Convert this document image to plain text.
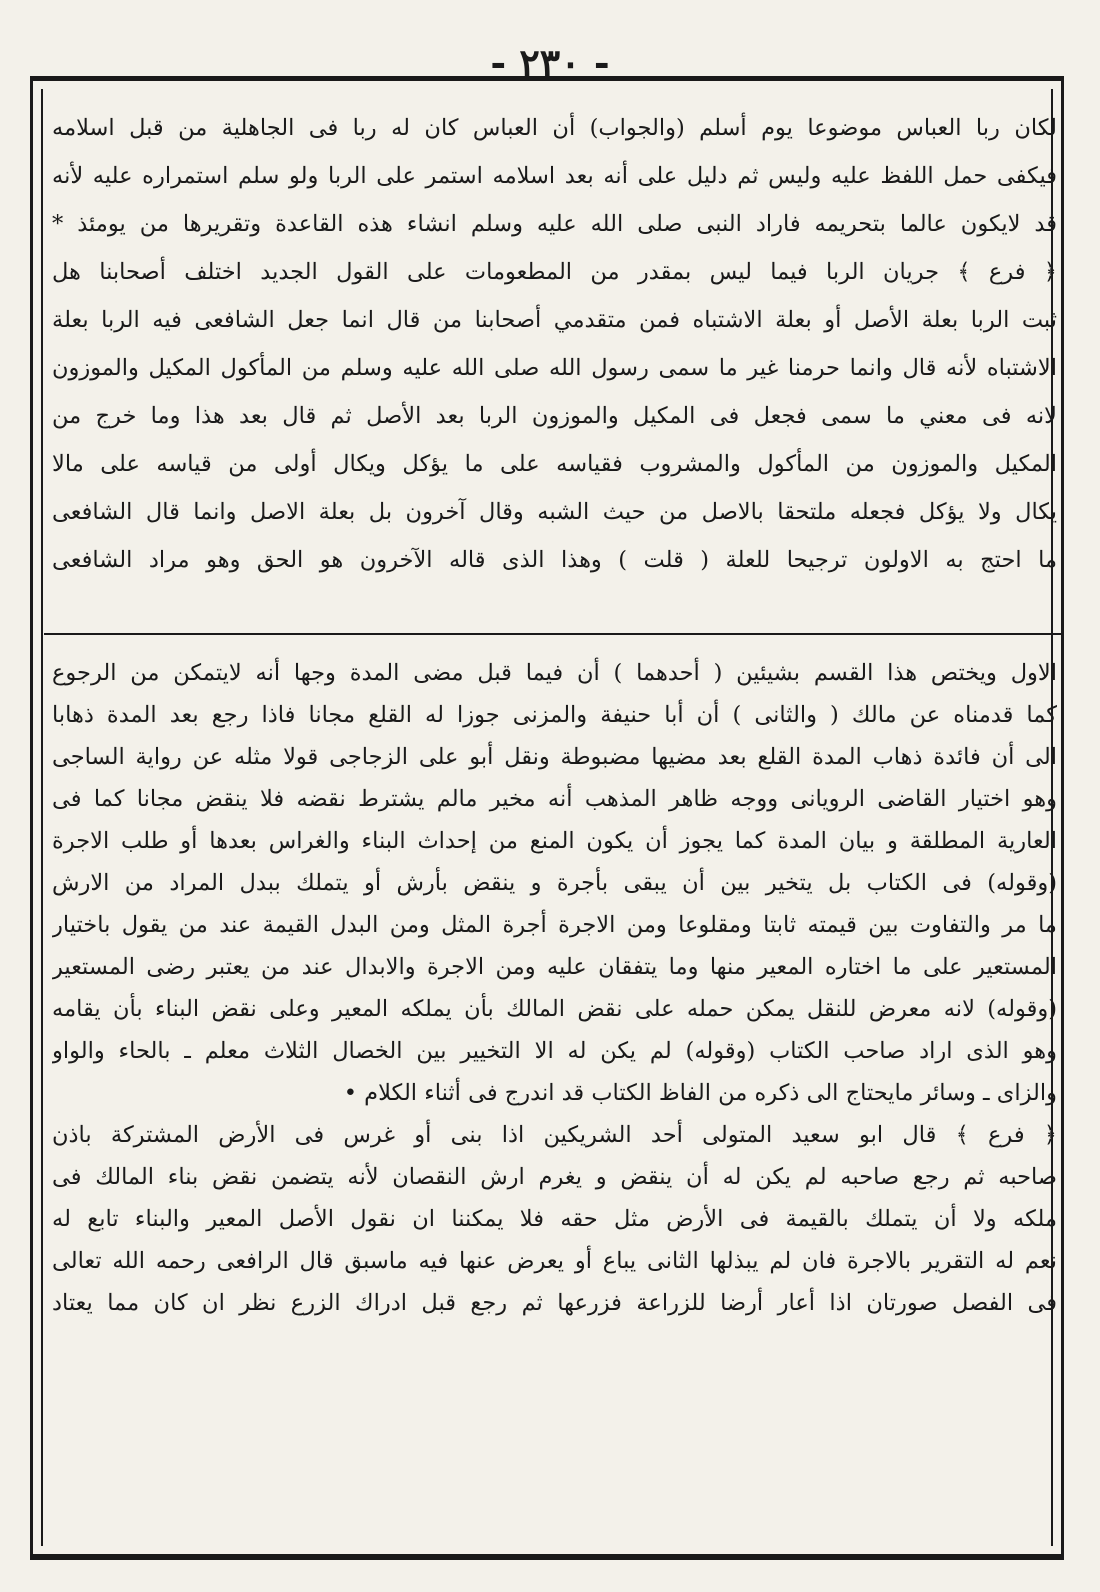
- ٢٣٠ -
لكان ربا العباس موضوعا يوم أسلم (والجواب) أن العباس كان له ربا فى الجاهلية من قبل اسلامه
فيكفى حمل اللفظ عليه وليس ثم دليل على أنه بعد اسلامه استمر على الربا ولو سلم استمراره عليه لأنه
قد لايكون عالما بتحريمه فاراد النبى صلى الله عليه وسلم انشاء هذه القاعدة وتقريرها من يومئذ *
﴿ فرع ﴾ جريان الربا فيما ليس بمقدر من المطعومات على القول الجديد اختلف أصحابنا هل
ثبت الربا بعلة الأصل أو بعلة الاشتباه فمن متقدمي أصحابنا من قال انما جعل الشافعى فيه الربا بعلة
الاشتباه لأنه قال وانما حرمنا غير ما سمى رسول الله صلى الله عليه وسلم من المأكول المكيل والموزون
لانه فى معني ما سمى فجعل فى المكيل والموزون الربا بعد الأصل ثم قال بعد هذا وما خرج من
المكيل والموزون من المأكول والمشروب فقياسه على ما يؤكل ويكال أولى من قياسه على مالا
يكال ولا يؤكل فجعله ملتحقا بالاصل من حيث الشبه وقال آخرون بل بعلة الاصل وانما قال الشافعى
ما احتج به الاولون ترجيحا للعلة ( قلت ) وهذا الذى قاله الآخرون هو الحق وهو مراد الشافعى
الاول ويختص هذا القسم بشيئين ( أحدهما ) أن فيما قبل مضى المدة وجها أنه لايتمكن من الرجوع
كما قدمناه عن مالك ( والثانى ) أن أبا حنيفة والمزنى جوزا له القلع مجانا فاذا رجع بعد المدة ذهابا
الى أن فائدة ذهاب المدة القلع بعد مضيها مضبوطة ونقل أبو على الزجاجى قولا مثله عن رواية الساجى
وهو اختيار القاضى الرويانى ووجه ظاهر المذهب أنه مخير مالم يشترط نقضه فلا ينقض مجانا كما فى
العارية المطلقة و بيان المدة كما يجوز أن يكون المنع من إحداث البناء والغراس بعدها أو طلب الاجرة
(وقوله) فى الكتاب بل يتخير بين أن يبقى بأجرة و ينقض بأرش أو يتملك ببدل المراد من الارش
ما مر والتفاوت بين قيمته ثابتا ومقلوعا ومن الاجرة أجرة المثل ومن البدل القيمة عند من يقول باختيار
المستعير على ما اختاره المعير منها وما يتفقان عليه ومن الاجرة والابدال عند من يعتبر رضى المستعير
(وقوله) لانه معرض للنقل يمكن حمله على نقض المالك بأن يملكه المعير وعلى نقض البناء بأن يقامه
وهو الذى اراد صاحب الكتاب (وقوله) لم يكن له الا التخيير بين الخصال الثلاث معلم ـ بالحاء والواو
والزاى ـ وسائر مايحتاج الى ذكره من الفاظ الكتاب قد اندرج فى أثناء الكلام •
﴿ فرع ﴾ قال ابو سعيد المتولى أحد الشريكين اذا بنى أو غرس فى الأرض المشتركة باذن
صاحبه ثم رجع صاحبه لم يكن له أن ينقض و يغرم ارش النقصان لأنه يتضمن نقض بناء المالك فى
ملكه ولا أن يتملك بالقيمة فى الأرض مثل حقه فلا يمكننا ان نقول الأصل المعير والبناء تابع له
نعم له التقرير بالاجرة فان لم يبذلها الثانى يباع أو يعرض عنها فيه ماسبق قال الرافعى رحمه الله تعالى
فى الفصل صورتان اذا أعار أرضا للزراعة فزرعها ثم رجع قبل ادراك الزرع نظر ان كان مما يعتاد
